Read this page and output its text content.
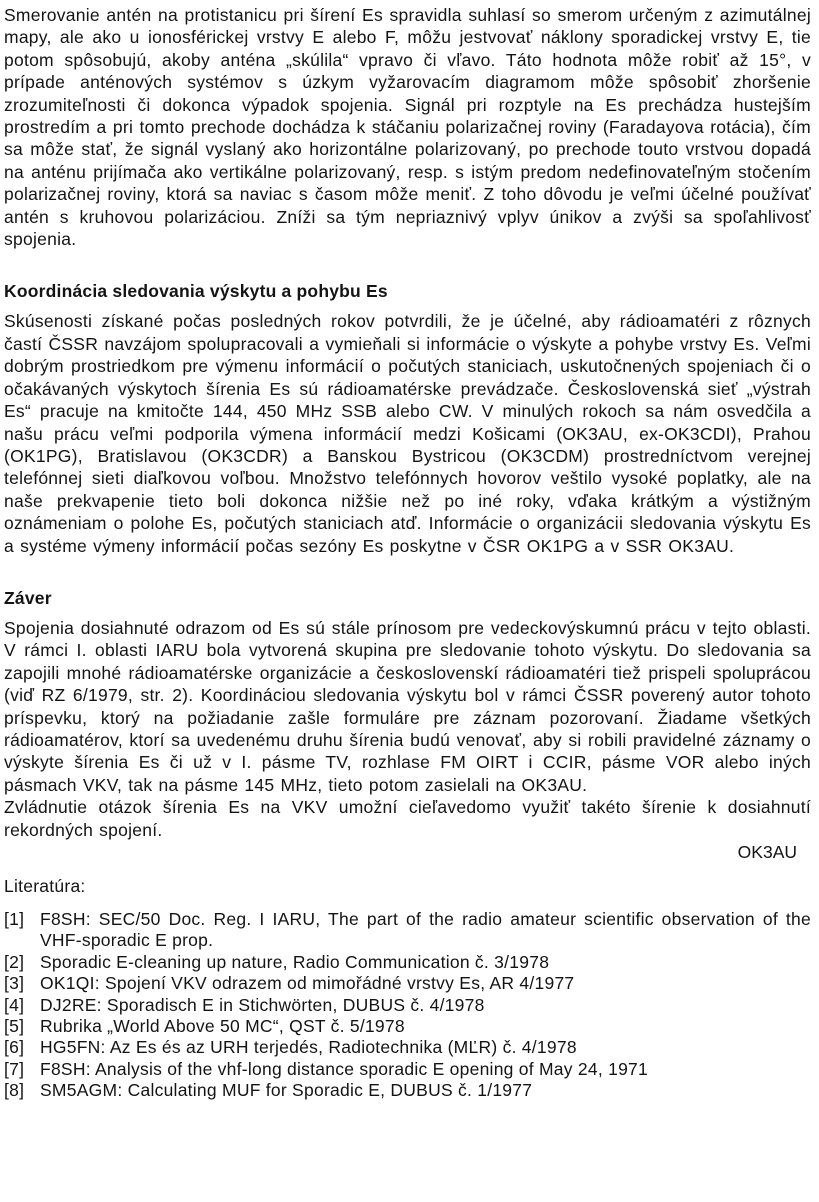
Smerovanie antén na protistanicu pri šírení Es spravidla suhlasí so smerom určeným z azimutálnej mapy, ale ako u ionosférickej vrstvy E alebo F, môžu jestvovať náklony sporadickej vrstvy E, tie potom spôsobujú, akoby anténa „skúlila“ vpravo či vľavo. Táto hodnota môže robiť až 15°, v prípade anténových systémov s úzkym vyžarovacím diagramom môže spôsobiť zhoršenie zrozumiteľnosti či dokonca výpadok spojenia. Signál pri rozptyle na Es prechádza hustejším prostredím a pri tomto prechode dochádza k stáčaniu polarizačnej roviny (Faradayova rotácia), čím sa môže stať, že signál vyslaný ako horizontálne polarizovaný, po prechode touto vrstvou dopadá na anténu prijímača ako vertikálne polarizovaný, resp. s istým predom nedefinovateľným stočením polarizačnej roviny, ktorá sa naviac s časom môže meniť. Z toho dôvodu je veľmi účelné používať antén s kruhovou polarizáciou. Zníži sa tým nepriaznivý vplyv únikov a zvýši sa spoľahlivosť spojenia.

Koordinácia sledovania výskytu a pohybu Es

Skúsenosti získané počas posledných rokov potvrdili, že je účelné, aby rádioamatéri z rôznych častí ČSSR navzájom spolupracovali a vymieňali si informácie o výskyte a pohybe vrstvy Es. Veľmi dobrým prostriedkom pre výmenu informácií o počutých staniciach, uskutočnených spojeniach či o očakávaných výskytoch šírenia Es sú rádioamatérske prevádzače. Československá sieť „výstrah Es“ pracuje na kmitočte 144, 450 MHz SSB alebo CW. V minulých rokoch sa nám osvedčila a našu prácu veľmi podporila výmena informácií medzi Košicami (OK3AU, ex-OK3CDI), Prahou (OK1PG), Bratislavou (OK3CDR) a Banskou Bystricou (OK3CDM) prostredníctvom verejnej telefónnej sieti diaľkovou voľbou. Množstvo telefónnych hovorov veštilo vysoké poplatky, ale na naše prekvapenie tieto boli dokonca nižšie než po iné roky, vďaka krátkým a výstižným oznámeniam o polohe Es, počutých staniciach atď. Informácie o organizácii sledovania výskytu Es a systéme výmeny informácií počas sezóny Es poskytne v ČSR OK1PG a v SSR OK3AU.

Záver

Spojenia dosiahnuté odrazom od Es sú stále prínosom pre vedeckovýskumnú prácu v tejto oblasti. V rámci I. oblasti IARU bola vytvorená skupina pre sledovanie tohoto výskytu. Do sledovania sa zapojili mnohé rádioamatérske organizácie a československí rádioamatéri tiež prispeli spoluprácou (viď RZ 6/1979, str. 2). Koordináciou sledovania výskytu bol v rámci ČSSR poverený autor tohoto príspevku, ktorý na požiadanie zašle formuláre pre záznam pozorovaní. Žiadame všetkých rádioamatérov, ktorí sa uvedenému druhu šírenia budú venovať, aby si robili pravidelné záznamy o výskyte šírenia Es či už v I. pásme TV, rozhlase FM OIRT i CCIR, pásme VOR alebo iných pásmach VKV, tak na pásme 145 MHz, tieto potom zasielali na OK3AU.

Zvládnutie otázok šírenia Es na VKV umožní cieľavedomo využiť takéto šírenie k dosiahnutí rekordných spojení.

OK3AU

Literatúra:

[1] F8SH: SEC/50 Doc. Reg. I IARU, The part of the radio amateur scientific observation of the VHF-sporadic E prop.
[2] Sporadic E-cleaning up nature, Radio Communication č. 3/1978
[3] OK1QI: Spojení VKV odrazem od mimořádné vrstvy Es, AR 4/1977
[4] DJ2RE: Sporadisch E in Stichwörten, DUBUS č. 4/1978
[5] Rubrika „World Above 50 MC“, QST č. 5/1978
[6] HG5FN: Az Es és az URH terjedés, Radiotechnika (MĽR) č. 4/1978
[7] F8SH: Analysis of the vhf-long distance sporadic E opening of May 24, 1971
[8] SM5AGM: Calculating MUF for Sporadic E, DUBUS č. 1/1977
